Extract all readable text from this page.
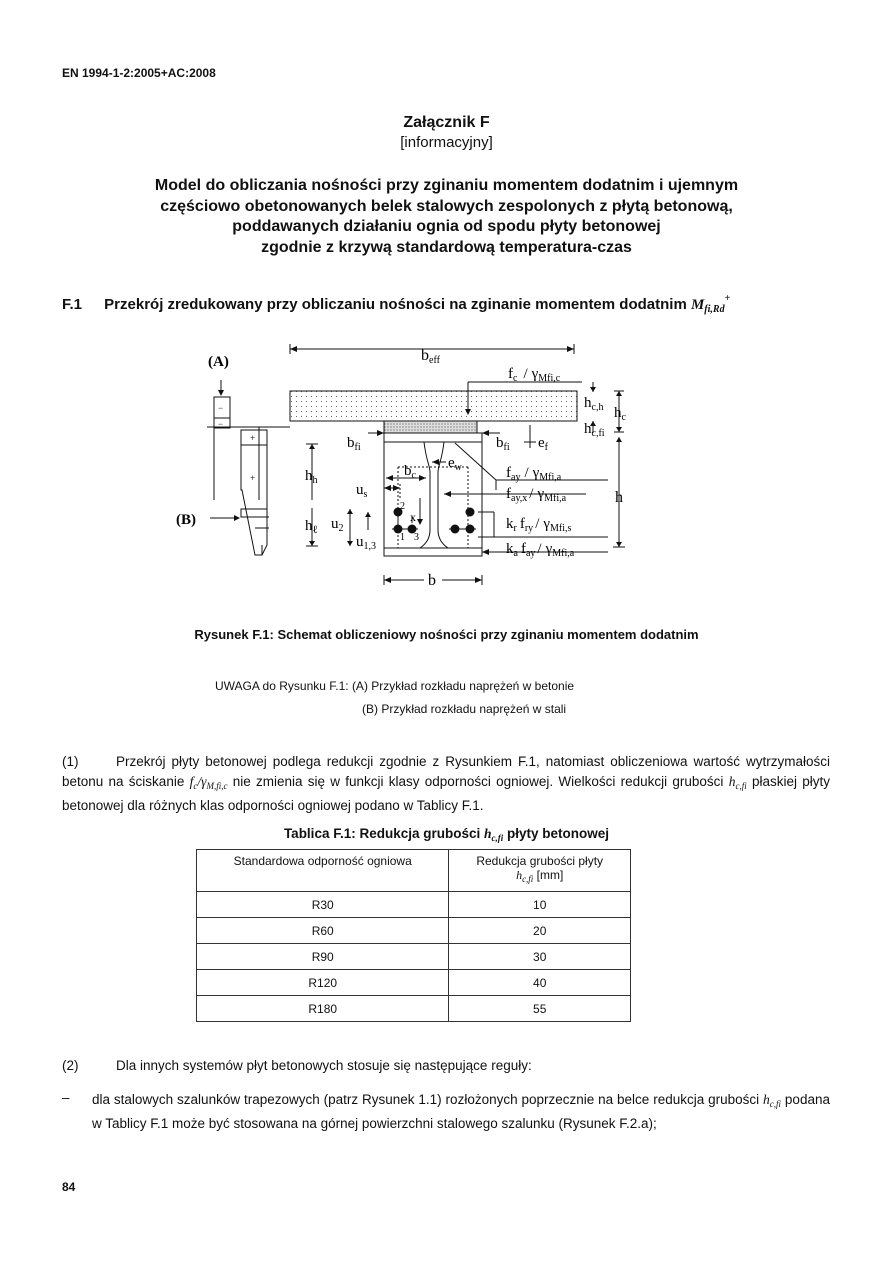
EN 1994-1-2:2005+AC:2008
Załącznik F
[informacyjny]
Model do obliczania nośności przy zginaniu momentem dodatnim i ujemnym
częściowo obetonowanych belek stalowych zespolonych z płytą betonową,
poddawanych działaniu ognia od spodu płyty betonowej
zgodnie z krzywą standardową temperatura-czas
F.1 Przekrój zredukowany przy obliczaniu nośności na zginanie momentem dodatnim $M_{fi,Rd}^+$
(A)
(B)
−
−
+
+
beff
$f_c / \gamma_{Mfi,c}$
$h_{c,h}$
$h_{c,fi}$
$h_c$
h
$b_{fi}$	$b_{fi}$ $e_f$
$e_w$
$b_c$	$f_{ay} / \gamma_{Mfi,a}$
$f_{ay,x} / \gamma_{Mfi,a}$
$u_s$
$h_h$
$h_\ell$ $u_2$
$u_{1,3}$
2
1 3
x	$k_r$ $f_{ry} / \gamma_{Mfi,s}$
$k_a$ $f_{ay} / \gamma_{Mfi,a}$
b
Rysunek F.1: Schemat obliczeniowy nośności przy zginaniu momentem dodatnim
UWAGA do Rysunku F.1: (A) Przykład rozkładu naprężeń w betonie
(B) Przykład rozkładu naprężeń w stali
(1)	Przekrój płyty betonowej podlega redukcji zgodnie z Rysunkiem F.1, natomiast obliczeniowa wartość wytrzymałości betonu na ściskanie $f_c/\gamma_{M,fi,c}$ nie zmienia się w funkcji klasy odporności ogniowej. Wielkości redukcji grubości $h_{c,fi}$ płaskiej płyty betonowej dla różnych klas odporności ogniowej podano w Tablicy F.1.
Tablica F.1: Redukcja grubości $h_{c,fi}$ płyty betonowej
Standardowa odporność ogniowa	Redukcja grubości płyty
$h_{c,fi}$ [mm]

R30	10
R60	20
R90	30
R120	40
R180	55
(2)	Dla innych systemów płyt betonowych stosuje się następujące reguły:
– dla stalowych szalunków trapezowych (patrz Rysunek 1.1) rozłożonych poprzecznie na belce redukcja grubości $h_{c,fi}$ podana w Tablicy F.1 może być stosowana na górnej powierzchni stalowego szalunku (Rysunek F.2.a);
84
